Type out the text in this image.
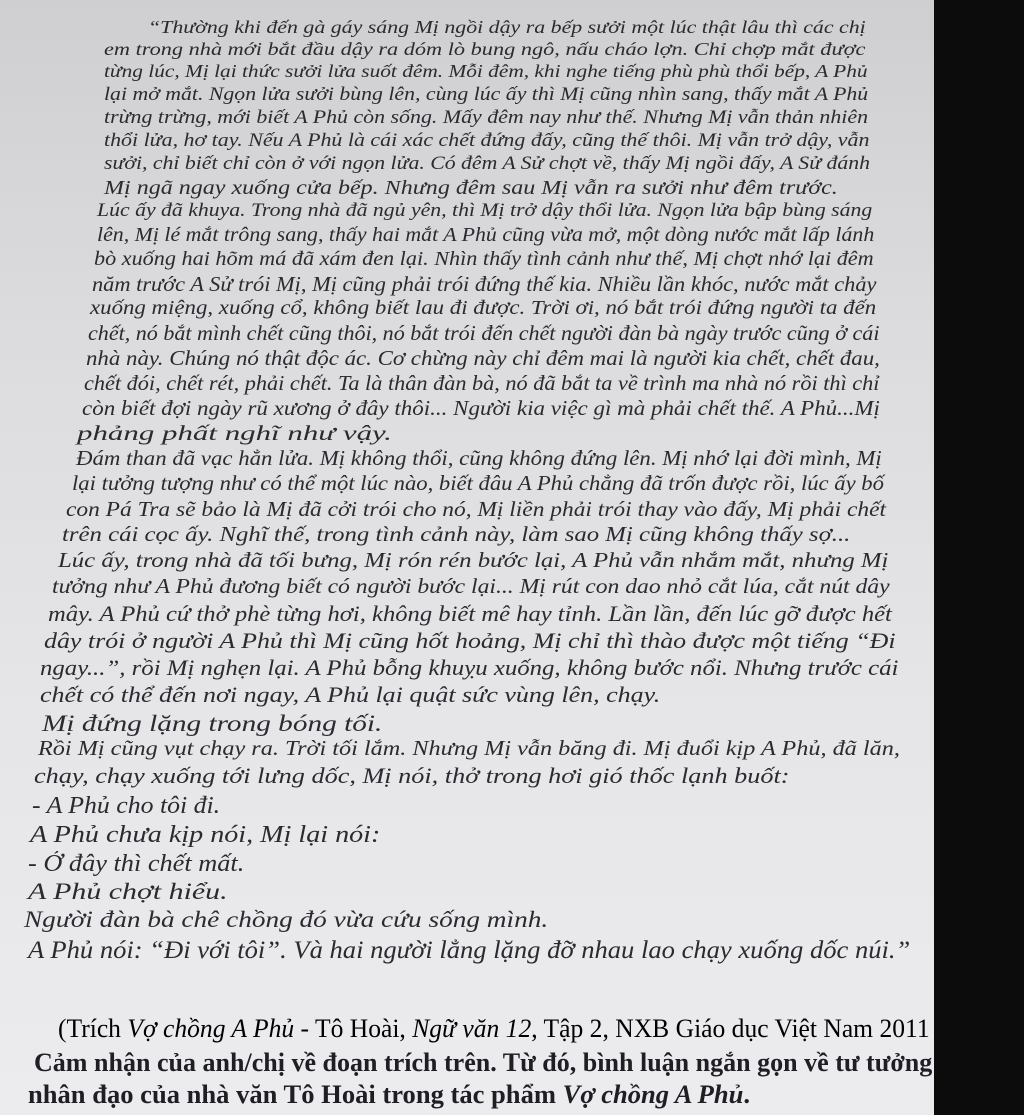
“Thường khi đến gà gáy sáng Mị ngồi dậy ra bếp sưởi một lúc thật lâu thì các chị
em trong nhà mới bắt đầu dậy ra dóm lò bung ngô, nấu cháo lợn. Chỉ chợp mắt được
từng lúc, Mị lại thức sưởi lửa suốt đêm. Mỗi đêm, khi nghe tiếng phù phù thổi bếp, A Phủ
lại mở mắt. Ngọn lửa sưởi bùng lên, cùng lúc ấy thì Mị cũng nhìn sang, thấy mắt A Phủ
trừng trừng, mới biết A Phủ còn sống. Mấy đêm nay như thế. Nhưng Mị vẫn thản nhiên
thổi lửa, hơ tay. Nếu A Phủ là cái xác chết đứng đấy, cũng thế thôi. Mị vẫn trở dậy, vẫn
sưởi, chỉ biết chỉ còn ở với ngọn lửa. Có đêm A Sử chợt về, thấy Mị ngồi đấy, A Sử đánh
Mị ngã ngay xuống cửa bếp. Nhưng đêm sau Mị vẫn ra sưởi như đêm trước.
Lúc ấy đã khuya. Trong nhà đã ngủ yên, thì Mị trở dậy thổi lửa. Ngọn lửa bập bùng sáng
lên, Mị lé mắt trông sang, thấy hai mắt A Phủ cũng vừa mở, một dòng nước mắt lấp lánh
bò xuống hai hõm má đã xám đen lại. Nhìn thấy tình cảnh như thế, Mị chợt nhớ lại đêm
năm trước A Sử trói Mị, Mị cũng phải trói đứng thế kia. Nhiều lần khóc, nước mắt chảy
xuống miệng, xuống cổ, không biết lau đi được. Trời ơi, nó bắt trói đứng người ta đến
chết, nó bắt mình chết cũng thôi, nó bắt trói đến chết người đàn bà ngày trước cũng ở cái
nhà này. Chúng nó thật độc ác. Cơ chừng này chỉ đêm mai là người kia chết, chết đau,
chết đói, chết rét, phải chết. Ta là thân đàn bà, nó đã bắt ta về trình ma nhà nó rồi thì chỉ
còn biết đợi ngày rũ xương ở đây thôi... Người kia việc gì mà phải chết thế. A Phủ...Mị
phảng phất nghĩ như vậy.
Đám than đã vạc hẳn lửa. Mị không thổi, cũng không đứng lên. Mị nhớ lại đời mình, Mị
lại tưởng tượng như có thể một lúc nào, biết đâu A Phủ chẳng đã trốn được rồi, lúc ấy bố
con Pá Tra sẽ bảo là Mị đã cởi trói cho nó, Mị liền phải trói thay vào đấy, Mị phải chết
trên cái cọc ấy. Nghĩ thế, trong tình cảnh này, làm sao Mị cũng không thấy sợ...
Lúc ấy, trong nhà đã tối bưng, Mị rón rén bước lại, A Phủ vẫn nhắm mắt, nhưng Mị
tưởng như A Phủ đương biết có người bước lại... Mị rút con dao nhỏ cắt lúa, cắt nút dây
mây. A Phủ cứ thở phè từng hơi, không biết mê hay tỉnh. Lần lần, đến lúc gỡ được hết
dây trói ở người A Phủ thì Mị cũng hốt hoảng, Mị chỉ thì thào được một tiếng “Đi
ngay...”, rồi Mị nghẹn lại. A Phủ bỗng khuỵu xuống, không bước nổi. Nhưng trước cái
chết có thể đến nơi ngay, A Phủ lại quật sức vùng lên, chạy.
Mị đứng lặng trong bóng tối.
Rồi Mị cũng vụt chạy ra. Trời tối lắm. Nhưng Mị vẫn băng đi. Mị đuổi kịp A Phủ, đã lăn,
chạy, chạy xuống tới lưng dốc, Mị nói, thở trong hơi gió thốc lạnh buốt:
- A Phủ cho tôi đi.
A Phủ chưa kịp nói, Mị lại nói:
- Ở đây thì chết mất.
A Phủ chợt hiểu.
Người đàn bà chê chồng đó vừa cứu sống mình.
A Phủ nói: “Đi với tôi”. Và hai người lẳng lặng đỡ nhau lao chạy xuống dốc núi.”
(Trích Vợ chồng A Phủ - Tô Hoài, Ngữ văn 12, Tập 2, NXB Giáo dục Việt Nam 2011
Cảm nhận của anh/chị về đoạn trích trên. Từ đó, bình luận ngắn gọn về tư tưởng
nhân đạo của nhà văn Tô Hoài trong tác phẩm Vợ chồng A Phủ.
